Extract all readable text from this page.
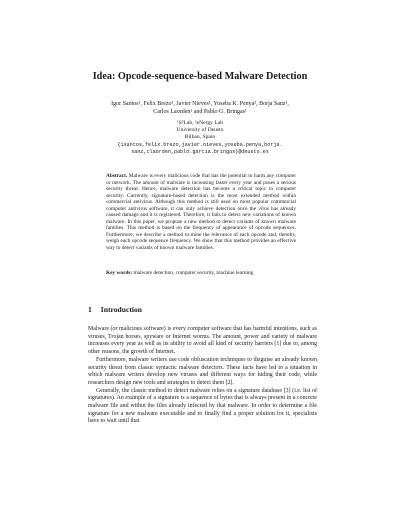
Idea: Opcode-sequence-based Malware Detection
Igor Santos¹, Felix Brezo¹, Javier Nieves¹, Yoseba K. Penya², Borja Sanz¹,
Carlos Laorden¹ and Pablo G. Bringas¹
¹S³Lab, ²eNergy Lab
University of Deusto
Bilbao, Spain
{isantos,felix.brezo,javier.nieves,yoseba.penya,borja.
sanz,claorden,pablo.garcia.bringas}@deusto.es
Abstract. Malware is every malicious code that has the potential to harm any computer or network. The amount of malware is increasing faster every year and poses a serious security threat. Hence, malware detection has become a critical topic in computer security. Currently, signature-based detection is the most extended method within commercial antivirus. Although this method is still used on most popular commercial computer antivirus software, it can only achieve detection once the virus has already caused damage and it is registered. Therefore, it fails to detect new variations of known malware. In this paper, we propose a new method to detect variants of known malware families. This method is based on the frequency of appearance of opcode sequences. Furthermore, we describe a method to mine the relevance of each opcode and, thereby, weigh each opcode sequence frequency. We show that this method provides an effective way to detect variants of known malware families.
Key words: malware detection, computer security, machine learning
1 Introduction

Malware (or malicious software) is every computer software that has harmful intentions, such as viruses, Trojan horses, spyware or Internet worms. The amount, power and variety of malware increases every year as well as its ability to avoid all kind of security barriers [1] due to, among other reasons, the growth of Internet.

Furthermore, malware writers use code obfuscation techniques to disguise an already known security threat from classic syntactic malware detectors. These facts have led to a situation in which malware writers develop new viruses and different ways for hiding their code, while researchers design new tools and strategies to detect them [2].

Generally, the classic method to detect malware relies on a signature database [3] (i.e. list of signatures). An example of a signature is a sequence of bytes that is always present in a concrete malware file and within the files already infected by that malware. In order to determine a file signature for a new malware executable and to finally find a proper solution for it, specialists have to wait until that
